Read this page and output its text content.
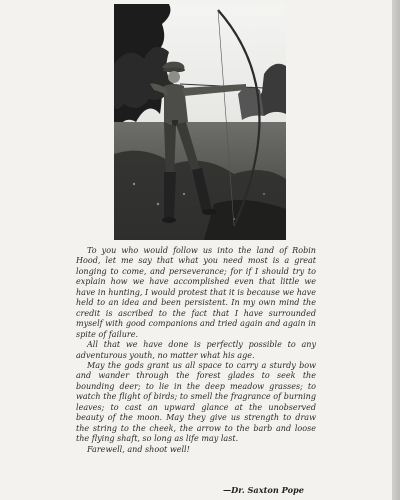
To you who would follow us into the land of Robin Hood, let me say that what you need most is a great longing to come, and perseverance; for if I should try to explain how we have accomplished even that little we have in hunting, I would protest that it is because we have held to an idea and been persistent. In my own mind the credit is ascribed to the fact that I have surrounded myself with good companions and tried again and again in spite of failure.

All that we have done is perfectly possible to any adventurous youth, no matter what his age.

May the gods grant us all space to carry a sturdy bow and wander through the forest glades to seek the bounding deer; to lie in the deep meadow grasses; to watch the flight of birds; to smell the fragrance of burning leaves; to cast an upward glance at the unobserved beauty of the moon. May they give us strength to draw the string to the cheek, the arrow to the barb and loose the flying shaft, so long as life may last.

Farewell, and shoot well!

—Dr. Saxton Pope
